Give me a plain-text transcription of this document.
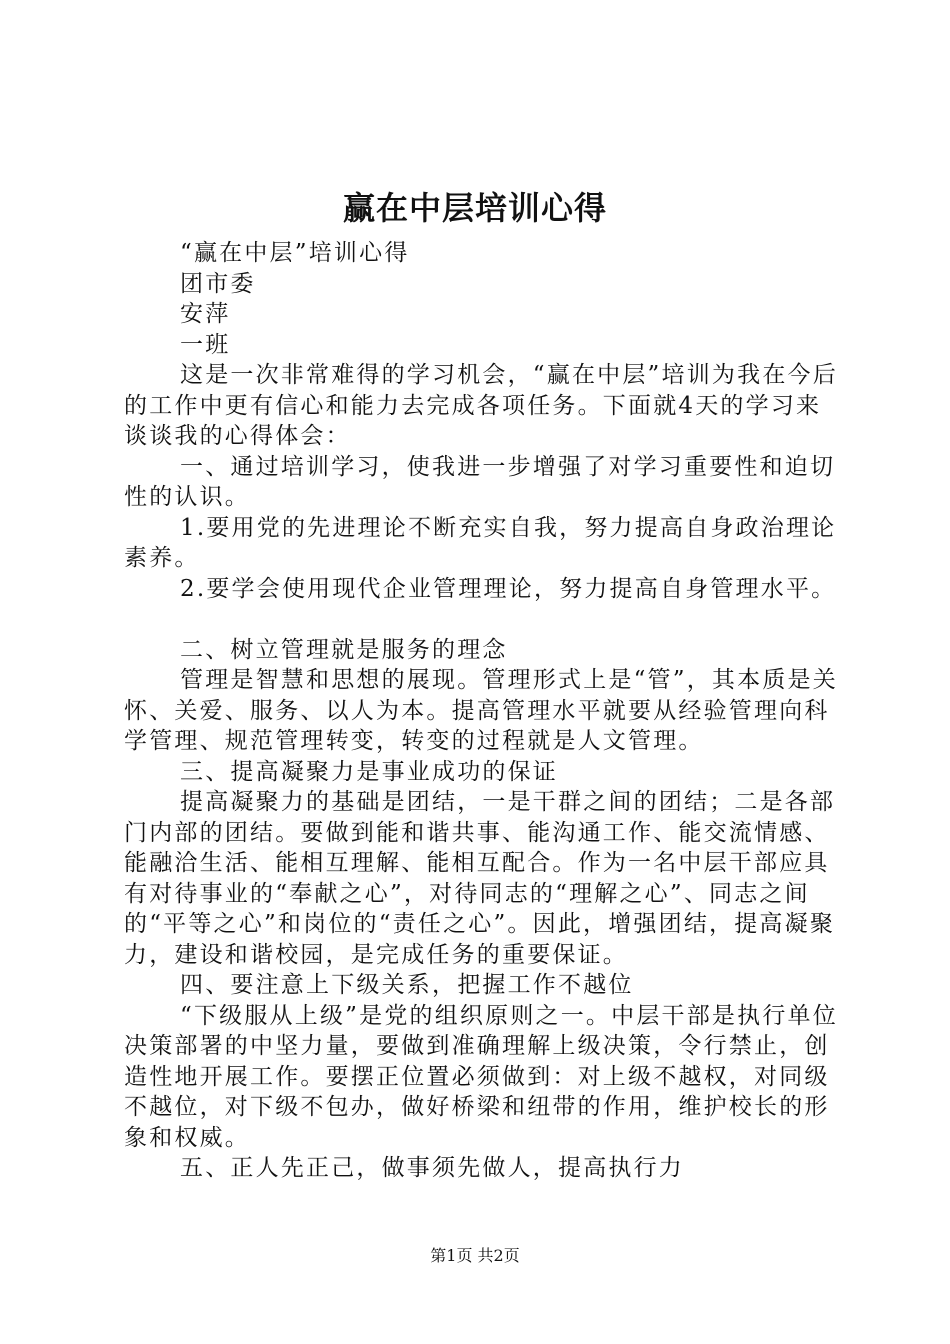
赢在中层培训心得

“赢在中层”培训心得

团市委

安萍

一班

这是一次非常难得的学习机会，“赢在中层”培训为我在今后的工作中更有信心和能力去完成各项任务。下面就4天的学习来谈谈我的心得体会：

一、通过培训学习，使我进一步增强了对学习重要性和迫切性的认识。

1.要用党的先进理论不断充实自我，努力提高自身政治理论素养。

2.要学会使用现代企业管理理论，努力提高自身管理水平。

二、树立管理就是服务的理念

管理是智慧和思想的展现。管理形式上是“管”，其本质是关怀、关爱、服务、以人为本。提高管理水平就要从经验管理向科学管理、规范管理转变，转变的过程就是人文管理。

三、提高凝聚力是事业成功的保证

提高凝聚力的基础是团结，一是干群之间的团结；二是各部门内部的团结。要做到能和谐共事、能沟通工作、能交流情感、能融洽生活、能相互理解、能相互配合。作为一名中层干部应具有对待事业的“奉献之心”，对待同志的“理解之心”、同志之间的“平等之心”和岗位的“责任之心”。因此，增强团结，提高凝聚力，建设和谐校园，是完成任务的重要保证。

四、要注意上下级关系，把握工作不越位

“下级服从上级”是党的组织原则之一。中层干部是执行单位决策部署的中坚力量，要做到准确理解上级决策，令行禁止，创造性地开展工作。要摆正位置必须做到：对上级不越权，对同级不越位，对下级不包办，做好桥梁和纽带的作用，维护校长的形象和权威。

五、正人先正己，做事须先做人，提高执行力

第1页 共2页
